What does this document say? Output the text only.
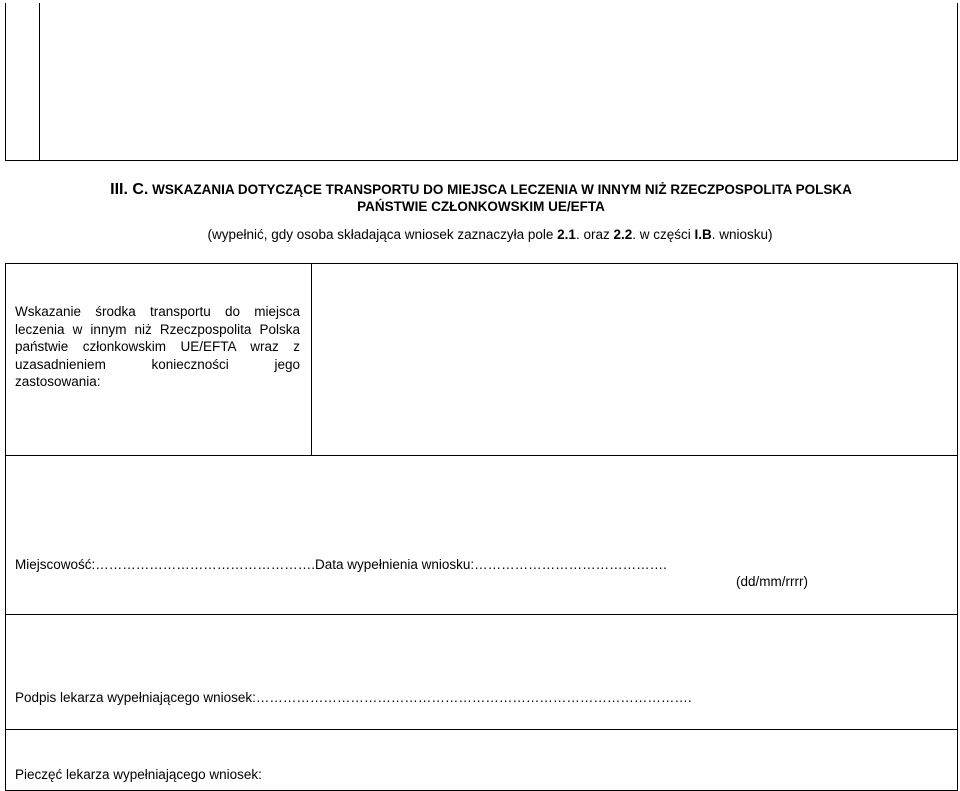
III. C. WSKAZANIA DOTYCZĄCE TRANSPORTU DO MIEJSCA LECZENIA W INNYM NIŻ RZECZPOSPOLITA POLSKA
PAŃSTWIE CZŁONKOWSKIM UE/EFTA
(wypełnić, gdy osoba składająca wniosek zaznaczyła pole 2.1. oraz 2.2. w części I.B. wniosku)
Wskazanie środka transportu do miejsca leczenia w innym niż Rzeczpospolita Polska państwie członkowskim UE/EFTA wraz z uzasadnieniem konieczności jego zastosowania:
Miejscowość:………………………………………….Data wypełnienia wniosku:…………………………………….
(dd/mm/rrrr)
Podpis lekarza wypełniającego wniosek:…………………………………………………………………………………….
Pieczęć lekarza wypełniającego wniosek:
